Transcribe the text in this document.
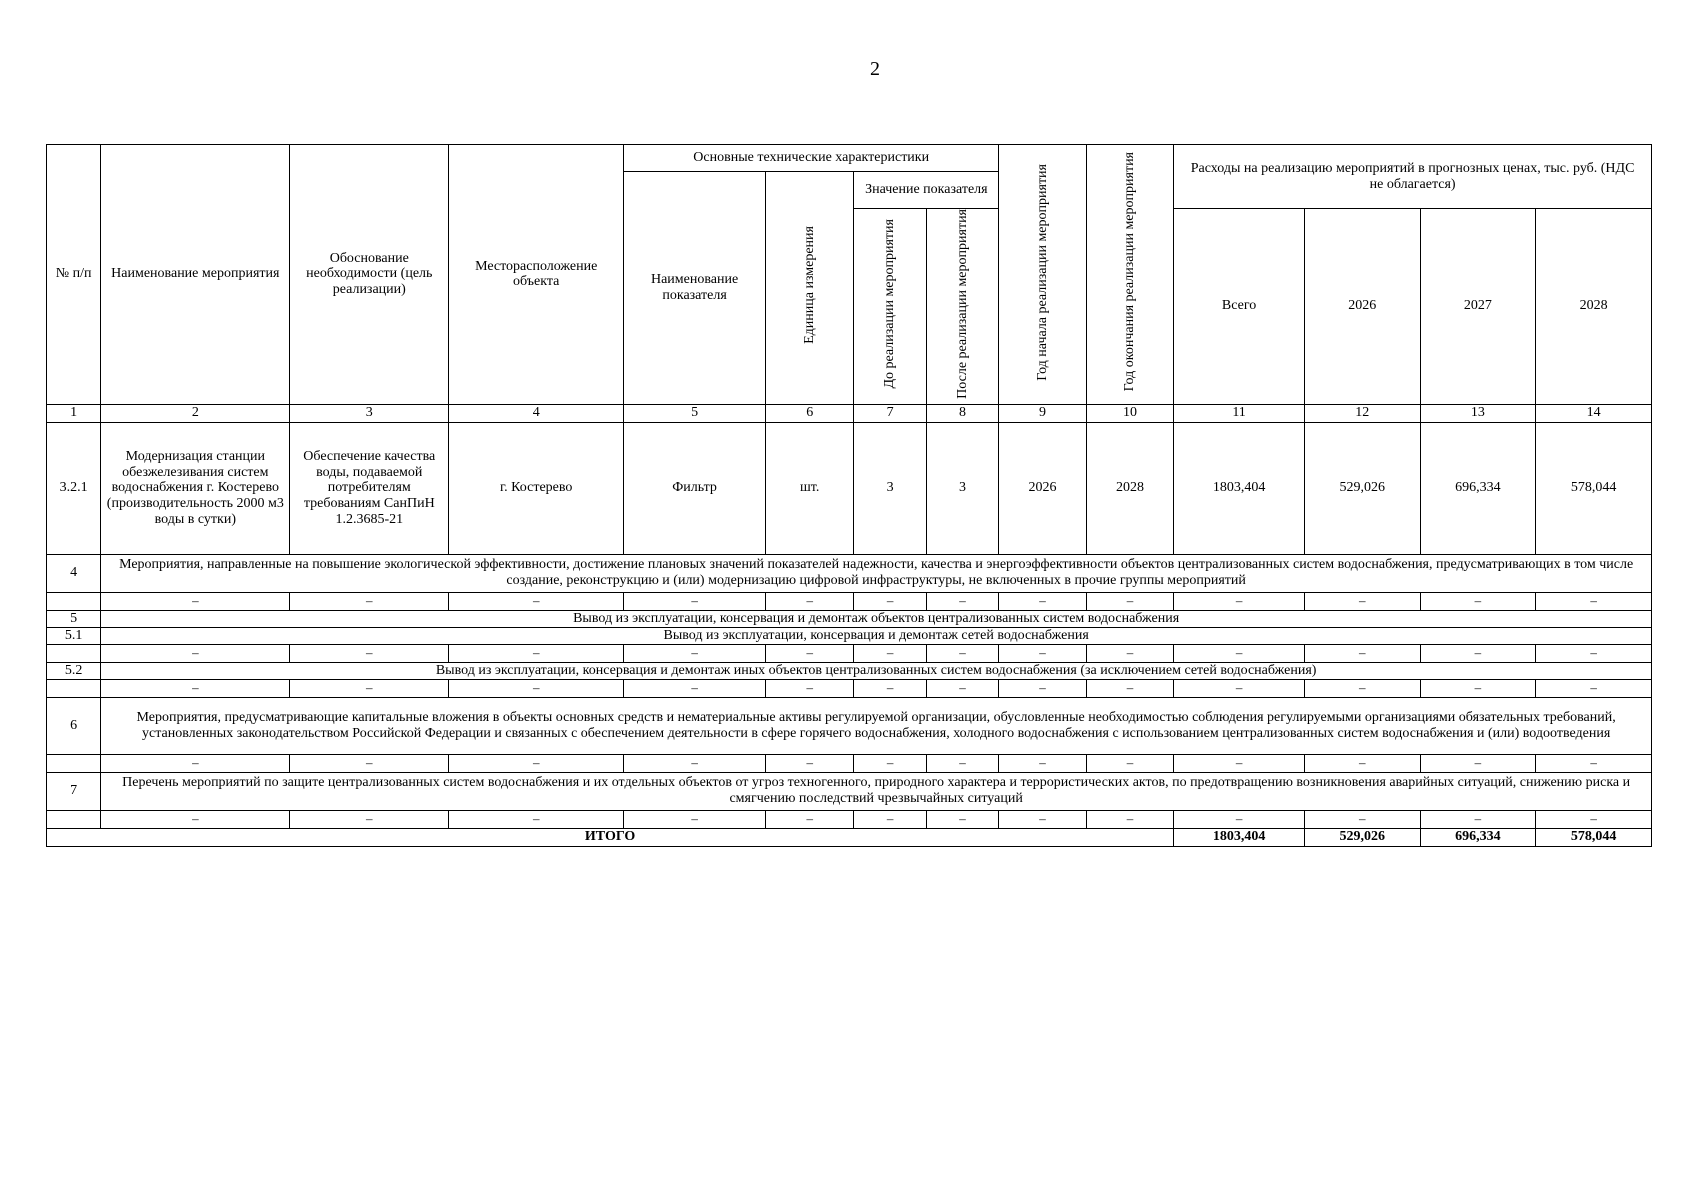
2
№ п/п	Наименование мероприятия	Обоснование необходимости (цель реализации)	Месторасположение объекта	Основные технические характеристики				Год начала реализации мероприятия	Год окончания реализации мероприятия	Расходы на реализацию мероприятий в прогнозных ценах, тыс. руб. (НДС не облагается)			
				Наименование показателя	Единица измерения	Значение показателя							
						До реализации мероприятия	После реализации мероприятия			Всего	2026	2027	2028
1	2	3	4	5	6	7	8	9	10	11	12	13	14
3.2.1	Модернизация станции обезжелезивания систем водоснабжения г. Костерево (производительность 2000 м3 воды в сутки)	Обеспечение качества воды, подаваемой потребителям требованиям СанПиН 1.2.3685-21	г. Костерево	Фильтр	шт.	3	3	2026	2028	1803,404	529,026	696,334	578,044
4	Мероприятия, направленные на повышение экологической эффективности, достижение плановых значений показателей надежности, качества и энергоэффективности объектов централизованных систем водоснабжения, предусматривающих в том числе создание, реконструкцию и (или) модернизацию цифровой инфраструктуры, не включенных в прочие группы мероприятий												
	–	–	–	–	–	–	–	–	–	–	–	–	–
5	Вывод из эксплуатации, консервация и демонтаж объектов централизованных систем водоснабжения												
5.1	Вывод из эксплуатации, консервация и демонтаж сетей водоснабжения												
	–	–	–	–	–	–	–	–	–	–	–	–	–
5.2	Вывод из эксплуатации, консервация и демонтаж иных объектов централизованных систем водоснабжения (за исключением сетей водоснабжения)												
	–	–	–	–	–	–	–	–	–	–	–	–	–
6	Мероприятия, предусматривающие капитальные вложения в объекты основных средств и нематериальные активы регулируемой организации, обусловленные необходимостью соблюдения регулируемыми организациями обязательных требований, установленных законодательством Российской Федерации и связанных с обеспечением деятельности в сфере горячего водоснабжения, холодного водоснабжения с использованием централизованных систем водоснабжения и (или) водоотведения												
	–	–	–	–	–	–	–	–	–	–	–	–	–
7	Перечень мероприятий по защите централизованных систем водоснабжения и их отдельных объектов от угроз техногенного, природного характера и террористических актов, по предотвращению возникновения аварийных ситуаций, снижению риска и смягчению последствий чрезвычайных ситуаций												
	–	–	–	–	–	–	–	–	–	–	–	–	–
ИТОГО										1803,404	529,026	696,334	578,044
